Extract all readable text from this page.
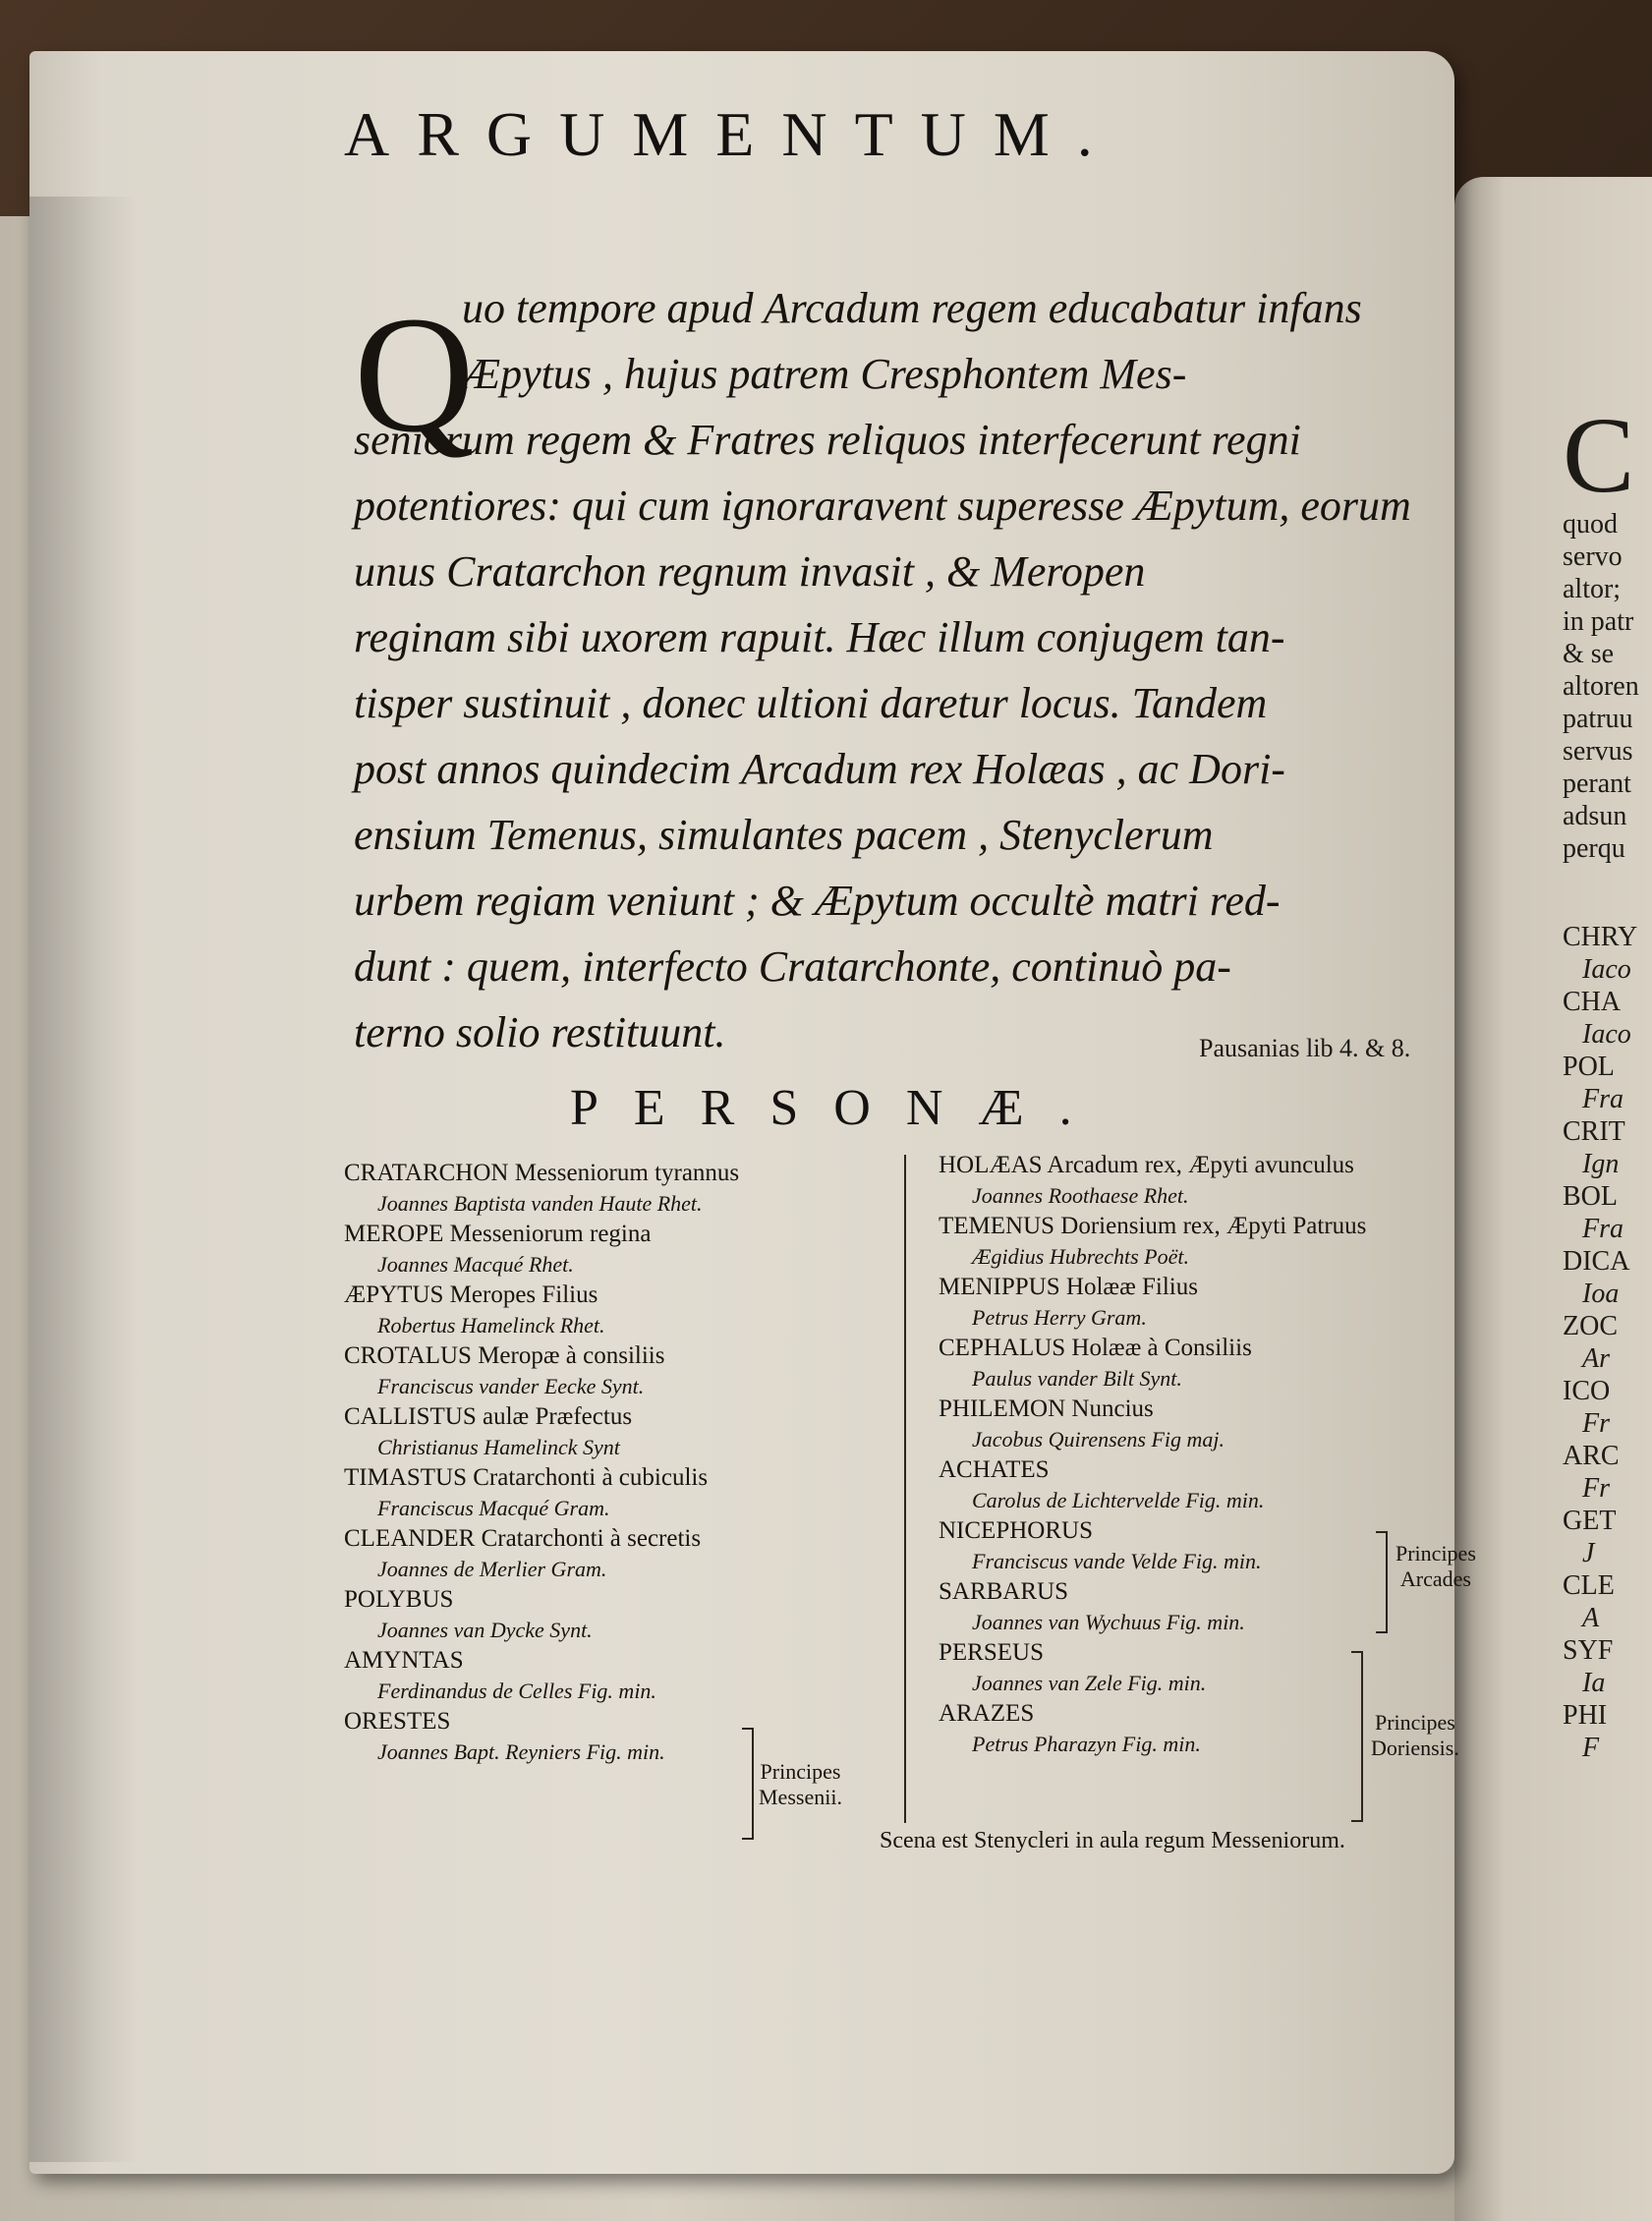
C
quod
servo
altor;
in patr
& se
altoren
patruu
servus
perant
adsun
perqu
CHRY
Iaco
CHA
Iaco
POL
Fra
CRIT
Ign
BOL
Fra
DICA
Ioa
ZOC
Ar
ICO
Fr
ARC
Fr
GET
J
CLE
A
SYF
Ia
PHI
F
ARGUMENTUM.
Q
uo tempore apud Arcadum regem educabatur infans
Æpytus , hujus patrem Cresphontem Mes-
seniorum regem & Fratres reliquos interfecerunt regni
potentiores: qui cum ignoraravent superesse Æpytum, eorum
unus Cratarchon regnum invasit , & Meropen
reginam sibi uxorem rapuit. Hæc illum conjugem tan-
tisper sustinuit , donec ultioni daretur locus. Tandem
post annos quindecim Arcadum rex Holæas , ac Dori-
ensium Temenus, simulantes pacem , Stenyclerum
urbem regiam veniunt ; & Æpytum occultè matri red-
dunt : quem, interfecto Cratarchonte, continuò pa-
terno solio restituunt.	Pausanias lib 4. & 8.
PERSONÆ.
CRATARCHON Messeniorum tyrannus
Joannes Baptista vanden Haute Rhet.
MEROPE Messeniorum regina
Joannes Macqué Rhet.
ÆPYTUS Meropes Filius
Robertus Hamelinck Rhet.
CROTALUS Meropæ à consiliis
Franciscus vander Eecke Synt.
CALLISTUS aulæ Præfectus
Christianus Hamelinck Synt
TIMASTUS Cratarchonti à cubiculis
Franciscus Macqué Gram.
CLEANDER Cratarchonti à secretis
Joannes de Merlier Gram.
POLYBUS
Joannes van Dycke Synt.
AMYNTAS
Ferdinandus de Celles Fig. min.
ORESTES
Joannes Bapt. Reyniers Fig. min.
HOLÆAS Arcadum rex, Æpyti avunculus
Joannes Roothaese Rhet.
TEMENUS Doriensium rex, Æpyti Patruus
Ægidius Hubrechts Poët.
MENIPPUS Holææ Filius
Petrus Herry Gram.
CEPHALUS Holææ à Consiliis
Paulus vander Bilt Synt.
PHILEMON Nuncius
Jacobus Quirensens Fig maj.
ACHATES
Carolus de Lichtervelde Fig. min.
NICEPHORUS
Franciscus vande Velde Fig. min.
SARBARUS
Joannes van Wychuus Fig. min.
PERSEUS
Joannes van Zele Fig. min.
ARAZES
Petrus Pharazyn Fig. min.
Principes
Messenii.
Principes
Arcades
Principes
Doriensis.
Scena est Stenycleri in aula regum Messeniorum.
